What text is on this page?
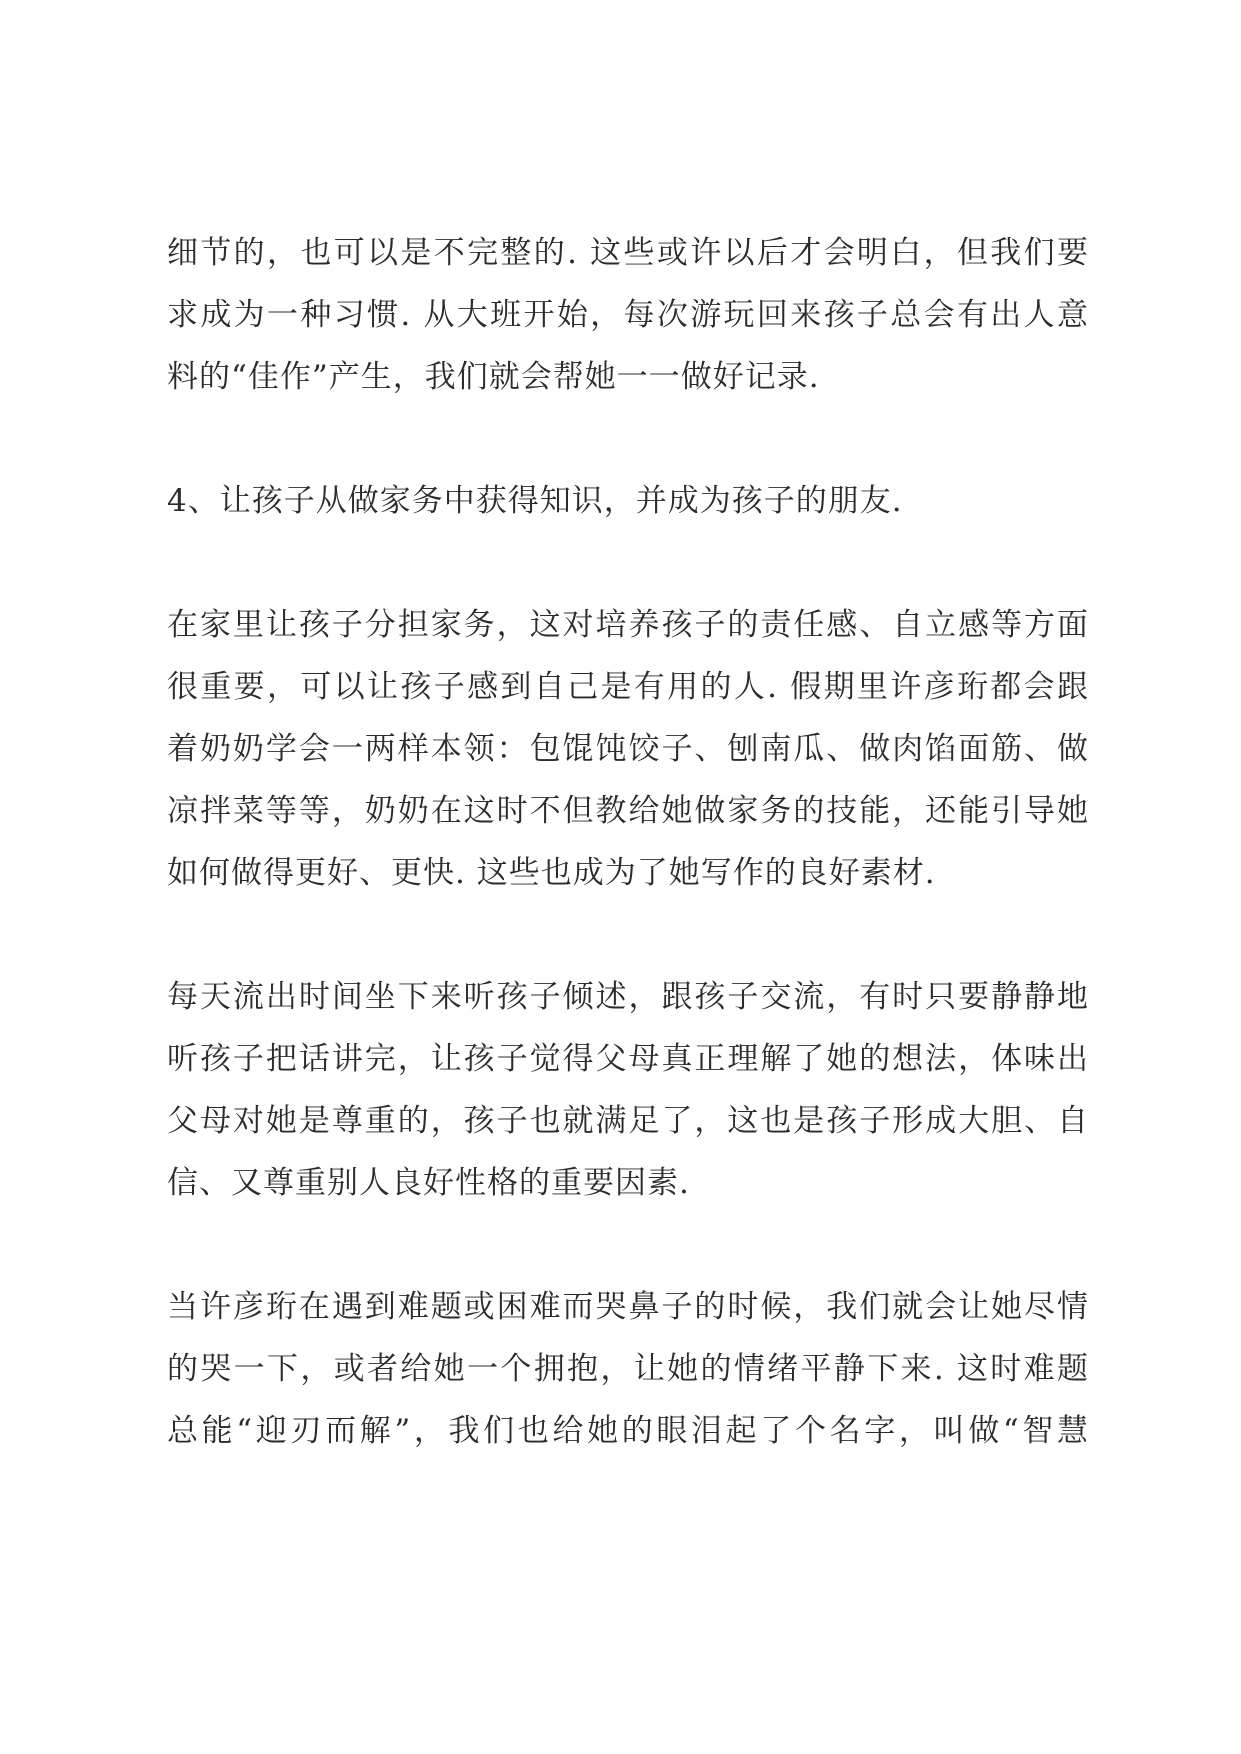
细节的，也可以是不完整的. 这些或许以后才会明白，但我们要
求成为一种习惯. 从大班开始，每次游玩回来孩子总会有出人意
料的“佳作”产生，我们就会帮她一一做好记录.
4、让孩子从做家务中获得知识，并成为孩子的朋友.
在家里让孩子分担家务，这对培养孩子的责任感、自立感等方面
很重要，可以让孩子感到自己是有用的人. 假期里许彦珩都会跟
着奶奶学会一两样本领：包馄饨饺子、刨南瓜、做肉馅面筋、做
凉拌菜等等，奶奶在这时不但教给她做家务的技能，还能引导她
如何做得更好、更快. 这些也成为了她写作的良好素材.
每天流出时间坐下来听孩子倾述，跟孩子交流，有时只要静静地
听孩子把话讲完，让孩子觉得父母真正理解了她的想法，体味出
父母对她是尊重的，孩子也就满足了，这也是孩子形成大胆、自
信、又尊重别人良好性格的重要因素.
当许彦珩在遇到难题或困难而哭鼻子的时候，我们就会让她尽情
的哭一下，或者给她一个拥抱，让她的情绪平静下来. 这时难题
总能“迎刃而解”，我们也给她的眼泪起了个名字，叫做“智慧
